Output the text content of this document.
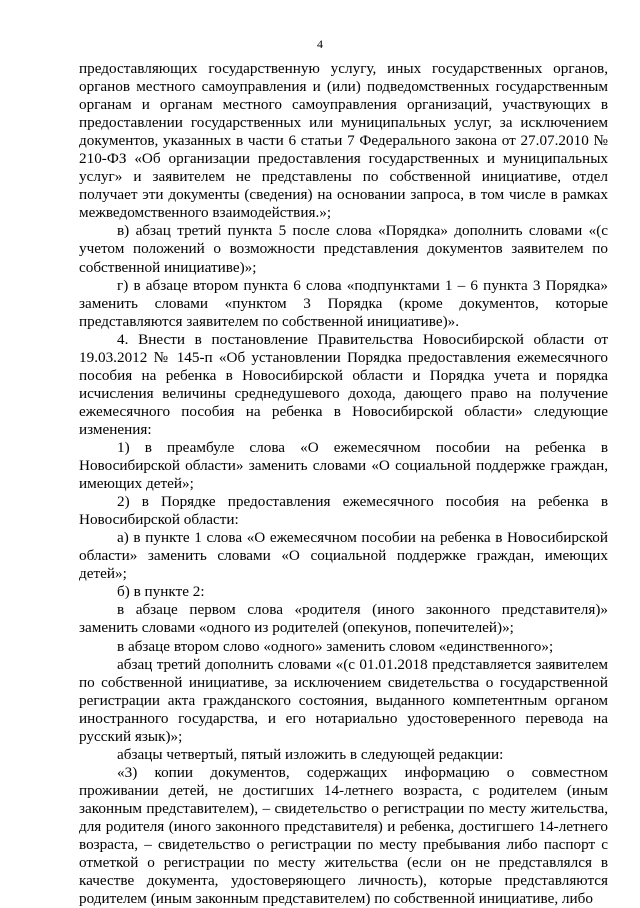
4

предоставляющих государственную услугу, иных государственных органов, органов местного самоуправления и (или) подведомственных государственным органам и органам местного самоуправления организаций, участвующих в предоставлении государственных или муниципальных услуг, за исключением документов, указанных в части 6 статьи 7 Федерального закона от 27.07.2010 № 210-ФЗ «Об организации предоставления государственных и муниципальных услуг» и заявителем не представлены по собственной инициативе, отдел получает эти документы (сведения) на основании запроса, в том числе в рамках межведомственного взаимодействия.»;

в) абзац третий пункта 5 после слова «Порядка» дополнить словами «(с учетом положений о возможности представления документов заявителем по собственной инициативе)»;

г) в абзаце втором пункта 6 слова «подпунктами 1 – 6 пункта 3 Порядка» заменить словами «пунктом 3 Порядка (кроме документов, которые представляются заявителем по собственной инициативе)».

4. Внести в постановление Правительства Новосибирской области от 19.03.2012 № 145-п «Об установлении Порядка предоставления ежемесячного пособия на ребенка в Новосибирской области и Порядка учета и порядка исчисления величины среднедушевого дохода, дающего право на получение ежемесячного пособия на ребенка в Новосибирской области» следующие изменения:

1) в преамбуле слова «О ежемесячном пособии на ребенка в Новосибирской области» заменить словами «О социальной поддержке граждан, имеющих детей»;

2) в Порядке предоставления ежемесячного пособия на ребенка в Новосибирской области:

а) в пункте 1 слова «О ежемесячном пособии на ребенка в Новосибирской области» заменить словами «О социальной поддержке граждан, имеющих детей»;

б) в пункте 2:

в абзаце первом слова «родителя (иного законного представителя)» заменить словами «одного из родителей (опекунов, попечителей)»;

в абзаце втором слово «одного» заменить словом «единственного»;

абзац третий дополнить словами «(с 01.01.2018 представляется заявителем по собственной инициативе, за исключением свидетельства о государственной регистрации акта гражданского состояния, выданного компетентным органом иностранного государства, и его нотариально удостоверенного перевода на русский язык)»;

абзацы четвертый, пятый изложить в следующей редакции:

«3) копии документов, содержащих информацию о совместном проживании детей, не достигших 14-летнего возраста, с родителем (иным законным представителем), – свидетельство о регистрации по месту жительства, для родителя (иного законного представителя) и ребенка, достигшего 14-летнего возраста, – свидетельство о регистрации по месту пребывания либо паспорт с отметкой о регистрации по месту жительства (если он не представлялся в качестве документа, удостоверяющего личность), которые представляются родителем (иным законным представителем) по собственной инициативе, либо
